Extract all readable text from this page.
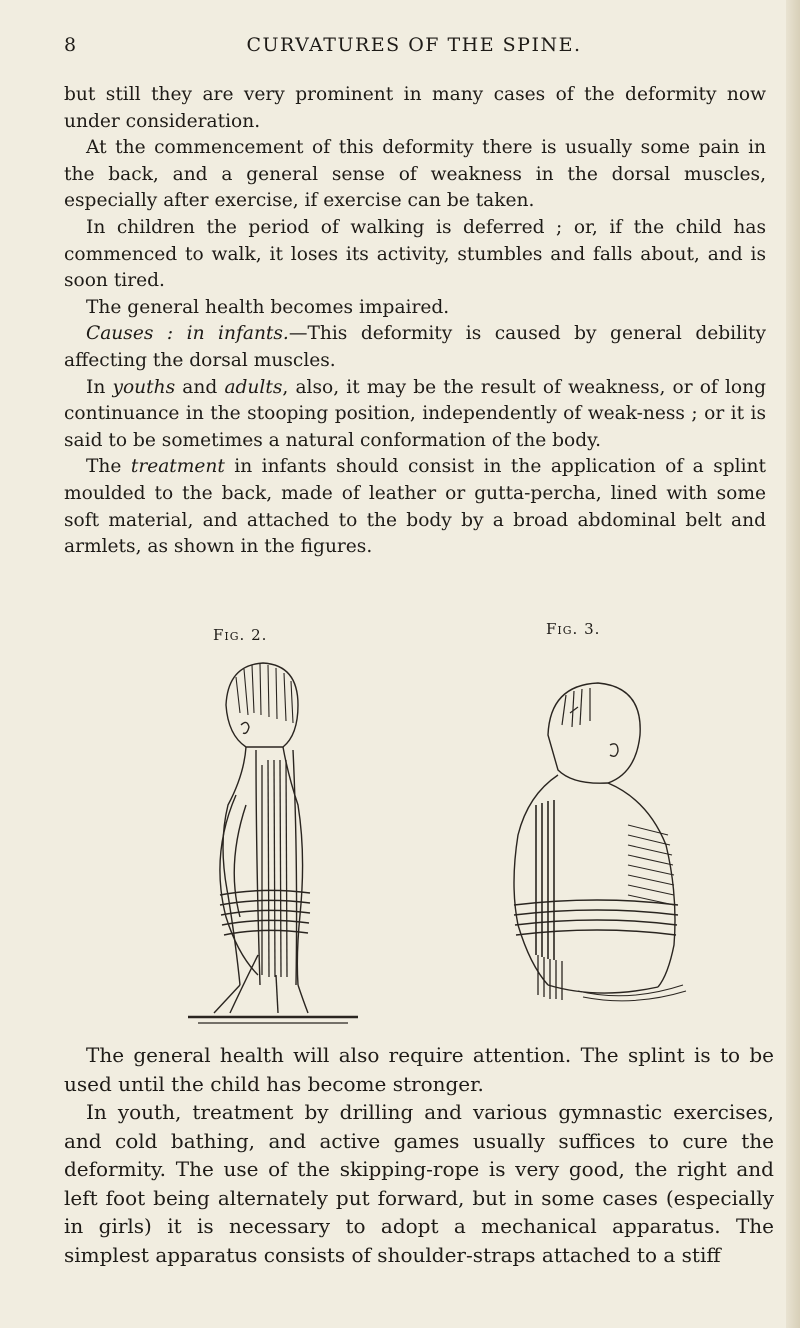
8	CURVATURES OF THE SPINE.

but still they are very prominent in many cases of the deformity now under consideration.

At the commencement of this deformity there is usually some pain in the back, and a general sense of weakness in the dorsal muscles, especially after exercise, if exercise can be taken.

In children the period of walking is deferred ; or, if the child has commenced to walk, it loses its activity, stumbles and falls about, and is soon tired.

The general health becomes impaired.

Causes : in infants.—This deformity is caused by general debility affecting the dorsal muscles.

In youths and adults, also, it may be the result of weakness, or of long continuance in the stooping position, independently of weak-ness ; or it is said to be sometimes a natural conformation of the body.

The treatment in infants should consist in the application of a splint moulded to the back, made of leather or gutta-percha, lined with some soft material, and attached to the body by a broad abdominal belt and armlets, as shown in the figures.

Fig. 2.	Fig. 3.

The general health will also require attention. The splint is to be used until the child has become stronger.

In youth, treatment by drilling and various gymnastic exercises, and cold bathing, and active games usually suffices to cure the deformity. The use of the skipping-rope is very good, the right and left foot being alternately put forward, but in some cases (especially in girls) it is necessary to adopt a mechanical apparatus. The simplest apparatus consists of shoulder-straps attached to a stiff
